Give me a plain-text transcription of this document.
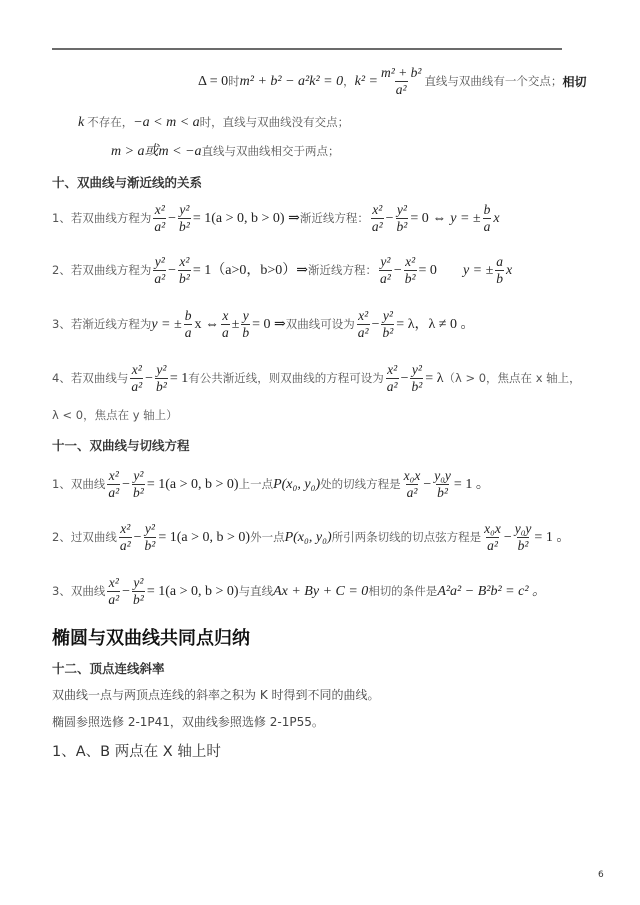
Δ = 0 时 m² + b² − a²k² = 0 ， $k^2 = \frac{\text{m² + b²}}{\text{a²}}$ 直线与双曲线有一个交点； 相切
k 不存在， −a < m < a 时，直线与双曲线没有交点；
m > a或m < −a 直线与双曲线相交于两点；
十、双曲线与渐近线的关系
1、 若双曲线方程为 $\frac{\text{x²}}{\text{a²}} - \frac{\text{y²}}{\text{b²}} = 1(a > 0$, b > 0) ⇒ 渐近线方程： $\frac{\text{x²}}{\text{a²}} - \frac{\text{y²}}{\text{b²}} = 0$ ⇔ y = ± $\frac{b}{a}$ x
2、 若双曲线方程为 $\frac{\text{y²}}{\text{a²}} - \frac{\text{x²}}{\text{b²}} = 1(a>0$，b>0）⇒ 渐近线方程： $\frac{\text{y²}}{\text{a²}} - \frac{\text{x²}}{\text{b²}} = 0$ y = ± $\frac{a}{b}$ x
3、 若渐近线方程为 y = ± $\frac{b}{a}$ x ⇔ $\frac{x}{a} \pm \frac{y}{b} = 0$ ⇒ 双曲线可设为 $\frac{\text{x²}}{\text{a²}} - \frac{\text{y²}}{\text{b²}} = \lambda$，λ ≠ 0 。
4、 若双曲线与 $\frac{\text{x²}}{\text{a²}} - \frac{\text{y²}}{\text{b²}} = 1$ 有公共渐近线，则双曲线的方程可设为 $\frac{\text{x²}}{\text{a²}} - \frac{\text{y²}}{\text{b²}} = \lambda$ （λ > 0，焦点在 x 轴上，
λ < 0，焦点在 y 轴上）
十一、双曲线与切线方程
1、 双曲线 $\frac{\text{x²}}{\text{a²}} - \frac{\text{y²}}{\text{b²}} = 1(a > 0$, b > 0) 上一点 P(x₀, y₀) 处的切线方程是 $\frac{\text{x₀x}}{\text{a²}} - \frac{\text{y₀y}}{\text{b²}} = 1$ 。
2、 过双曲线 $\frac{\text{x²}}{\text{a²}} - \frac{\text{y²}}{\text{b²}} = 1(a > 0$, b > 0) 外一点 P(x₀, y₀) 所引两条切线的切点弦方程是 $\frac{\text{x₀x}}{\text{a²}} - \frac{\text{y₀y}}{\text{b²}} = 1$ 。
3、 双曲线 $\frac{\text{x²}}{\text{a²}} - \frac{\text{y²}}{\text{b²}} = 1(a > 0$, b > 0) 与直线 Ax + By + C = 0 相切的条件是 A²a² − B²b² = c² 。
椭圆与双曲线共同点归纳
十二、顶点连线斜率
双曲线一点与两顶点连线的斜率之积为 K 时得到不同的曲线。
椭圆参照选修 2-1P41，双曲线参照选修 2-1P55。
1、A、B 两点在 X 轴上时
6
